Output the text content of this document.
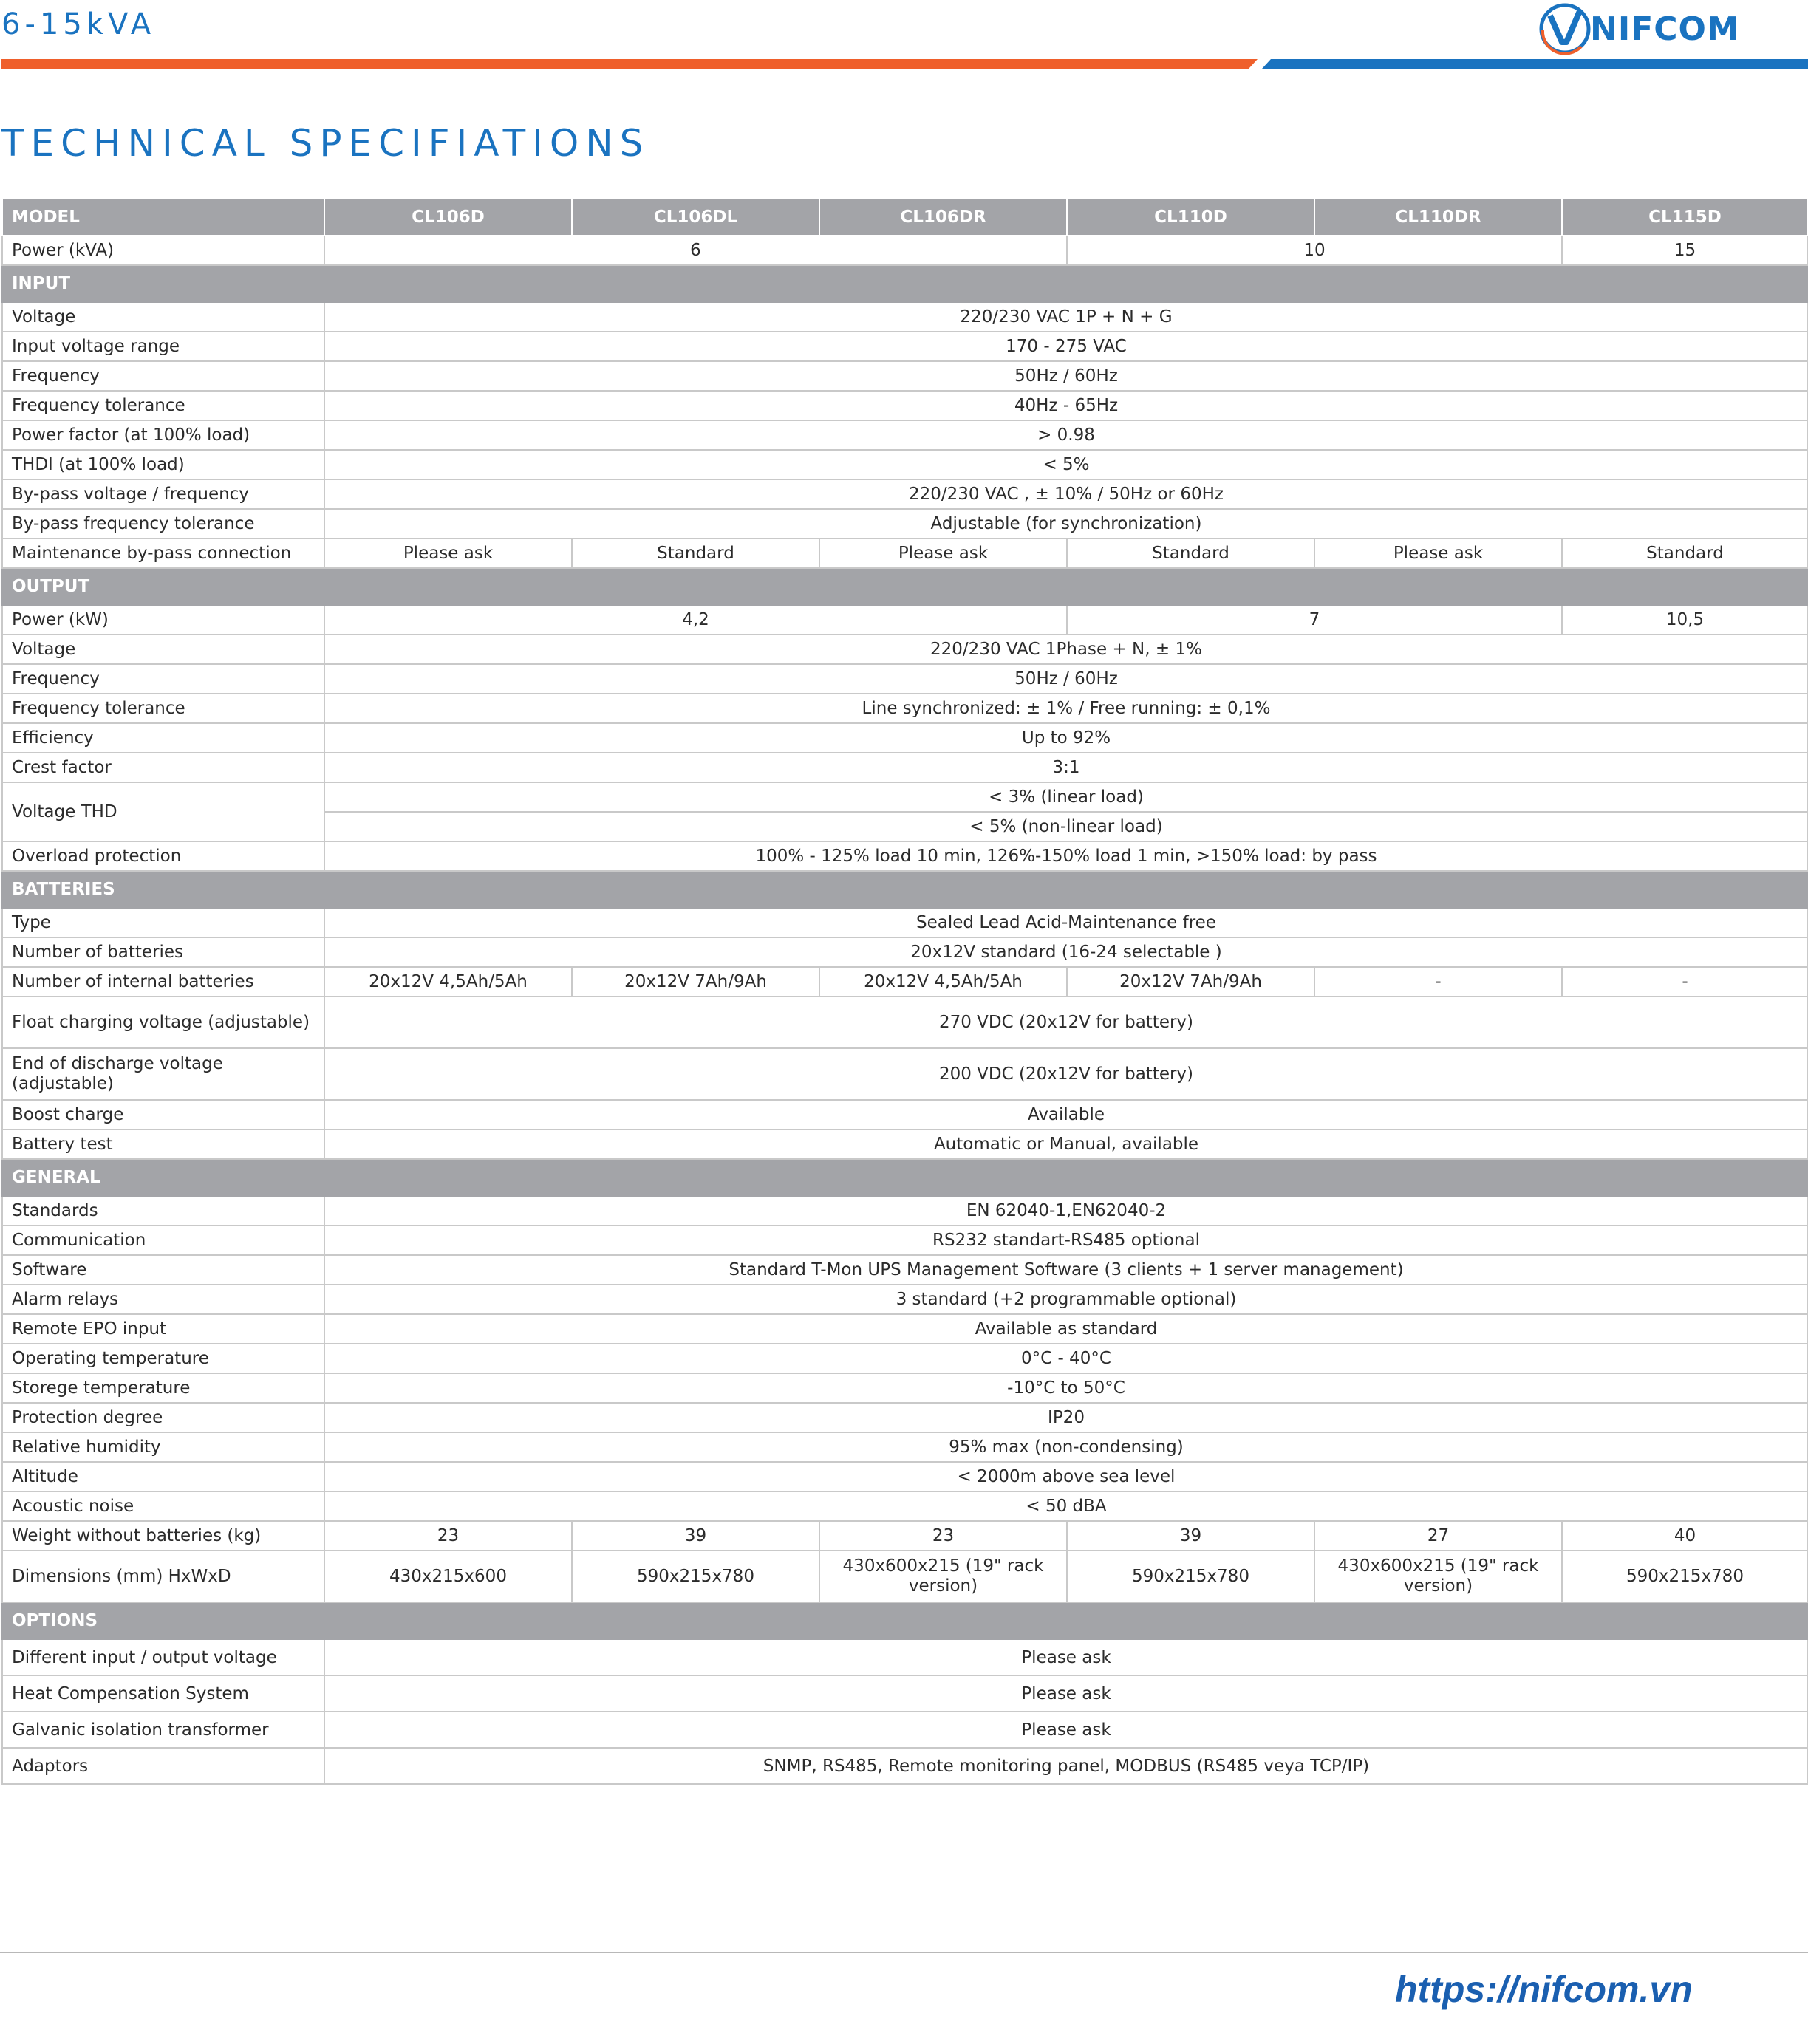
6-15kVA	NIFCOM
TECHNICAL SPECIFIATIONS
MODEL	CL106D	CL106DL	CL106DR	CL110D	CL110DR	CL115D
Power (kVA)	6			10		15
INPUT						
Voltage	220/230 VAC 1P + N + G					
Input voltage range	170 - 275 VAC					
Frequency	50Hz / 60Hz					
Frequency tolerance	40Hz - 65Hz					
Power factor (at 100% load)	> 0.98					
THDI (at 100% load)	< 5%					
By-pass voltage / frequency	220/230 VAC , ± 10% / 50Hz or 60Hz					
By-pass frequency tolerance	Adjustable (for synchronization)					
Maintenance by-pass connection	Please ask	Standard	Please ask	Standard	Please ask	Standard
OUTPUT						
Power (kW)	4,2			7		10,5
Voltage	220/230 VAC 1Phase + N, ± 1%					
Frequency	50Hz / 60Hz					
Frequency tolerance	Line synchronized: ± 1% / Free running: ± 0,1%					
Efficiency	Up to 92%					
Crest factor	3:1					
Voltage THD	< 3% (linear load)					
	< 5% (non-linear load)					
Overload protection	100% - 125% load 10 min, 126%-150% load 1 min, >150% load: by pass					
BATTERIES						
Type	Sealed Lead Acid-Maintenance free					
Number of batteries	20x12V standard (16-24 selectable )					
Number of internal batteries	20x12V 4,5Ah/5Ah	20x12V 7Ah/9Ah	20x12V 4,5Ah/5Ah	20x12V 7Ah/9Ah	-	-
Float charging voltage (adjustable)	270 VDC (20x12V for battery)					
End of discharge voltage (adjustable)	200 VDC (20x12V for battery)					
Boost charge	Available					
Battery test	Automatic or Manual, available					
GENERAL						
Standards	EN 62040-1,EN62040-2					
Communication	RS232 standart-RS485 optional					
Software	Standard T-Mon UPS Management Software (3 clients + 1 server management)					
Alarm relays	3 standard (+2 programmable optional)					
Remote EPO input	Available as standard					
Operating temperature	0°C - 40°C					
Storege temperature	-10°C to 50°C					
Protection degree	IP20					
Relative humidity	95% max (non-condensing)					
Altitude	< 2000m above sea level					
Acoustic noise	< 50 dBA					
Weight without batteries (kg)	23	39	23	39	27	40
Dimensions (mm) HxWxD	430x215x600	590x215x780	430x600x215 (19" rack version)	590x215x780	430x600x215 (19" rack version)	590x215x780
OPTIONS						
Different input / output voltage	Please ask					
Heat Compensation System	Please ask					
Galvanic isolation transformer	Please ask					
Adaptors	SNMP, RS485, Remote monitoring panel, MODBUS (RS485 veya TCP/IP)					
https://nifcom.vn
